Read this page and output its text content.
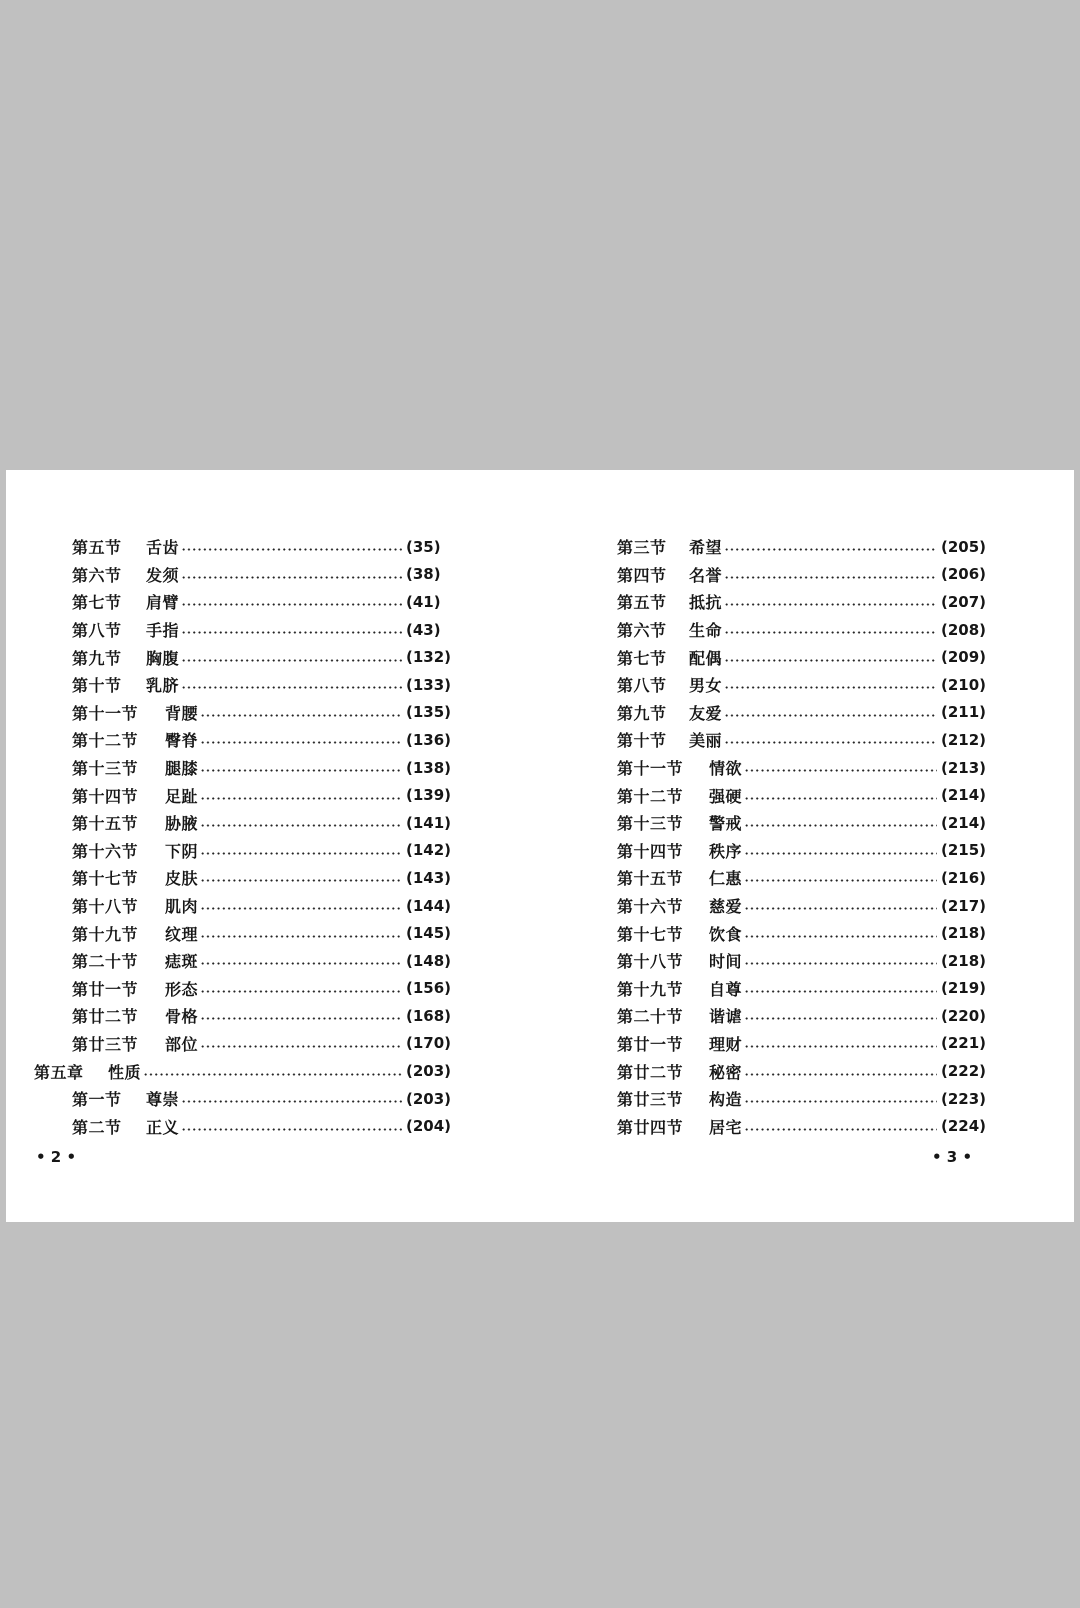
第五节 舌齿	(35)
第六节 发须	(38)
第七节 肩臂	(41)
第八节 手指	(43)
第九节 胸腹	(132)
第十节 乳脐	(133)
第十一节 背腰	(135)
第十二节 臀脊	(136)
第十三节 腿膝	(138)
第十四节 足趾	(139)
第十五节 胁腋	(141)
第十六节 下阴	(142)
第十七节 皮肤	(143)
第十八节 肌肉	(144)
第十九节 纹理	(145)
第二十节 痣斑	(148)
第廿一节 形态	(156)
第廿二节 骨格	(168)
第廿三节 部位	(170)
第五章 性质	(203)
第一节 尊崇	(203)
第二节 正义	(204)
第三节 希望	(205)
第四节 名誉	(206)
第五节 抵抗	(207)
第六节 生命	(208)
第七节 配偶	(209)
第八节 男女	(210)
第九节 友爱	(211)
第十节 美丽	(212)
第十一节 情欲	(213)
第十二节 强硬	(214)
第十三节 警戒	(214)
第十四节 秩序	(215)
第十五节 仁惠	(216)
第十六节 慈爱	(217)
第十七节 饮食	(218)
第十八节 时间	(218)
第十九节 自尊	(219)
第二十节 谐谑	(220)
第廿一节 理财	(221)
第廿二节 秘密	(222)
第廿三节 构造	(223)
第廿四节 居宅	(224)
• 2 •	• 3 •
